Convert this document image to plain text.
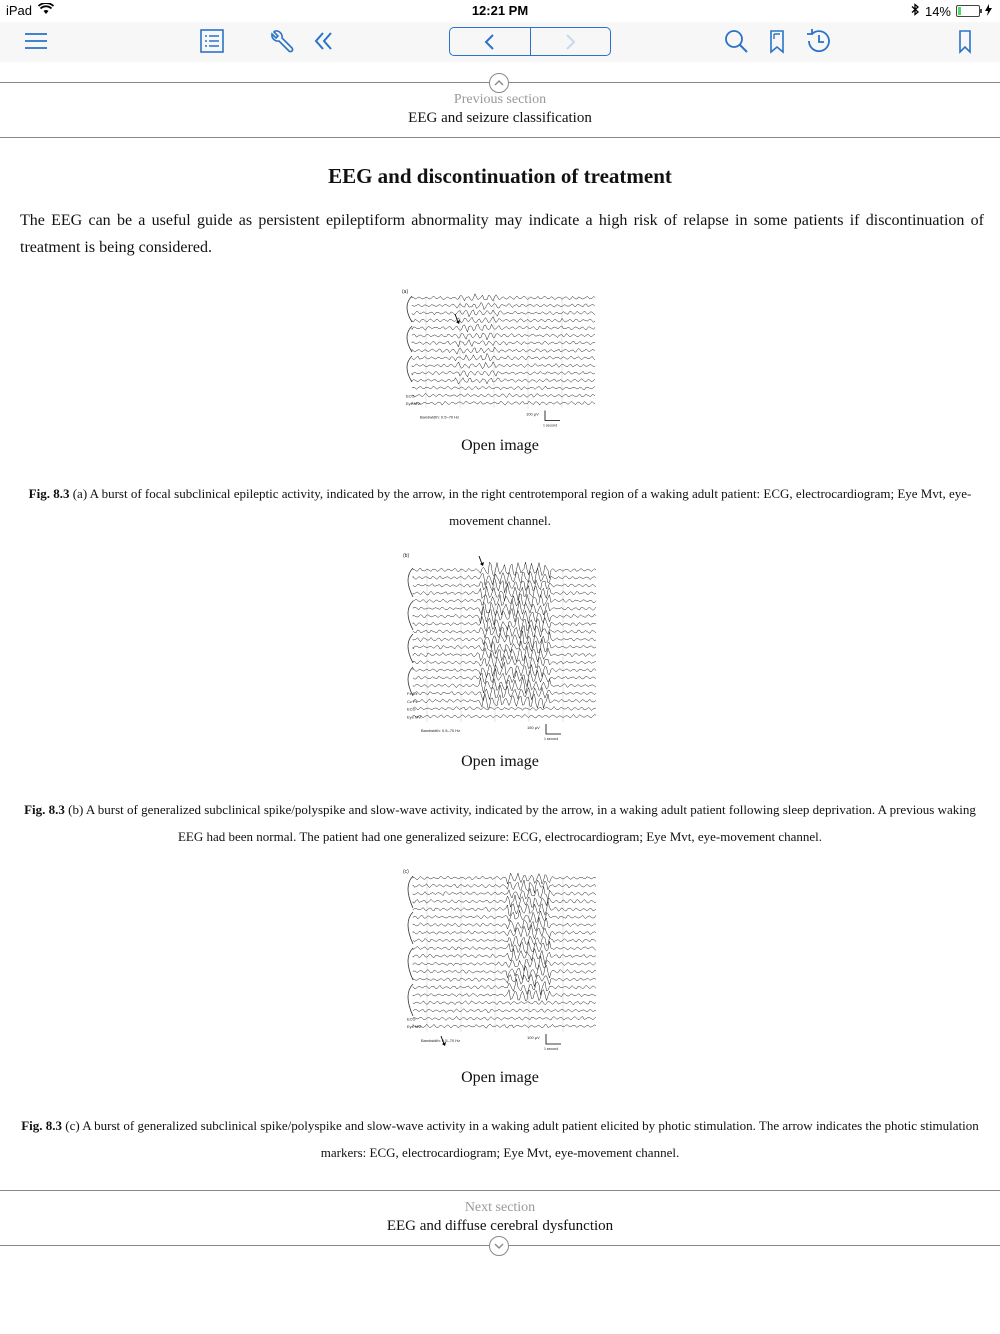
iPad	12:21 PM	14%
Previous section
EEG and seizure classification
EEG and discontinuation of treatment
The EEG can be a useful guide as persistent epileptiform abnormality may indicate a high risk of relapse in some patients if discontinuation of treatment is being considered.
(a)
ECG
Eye Mvt
Bandwidth: 0.5–70 Hz
100 µV
1 second
Open image
Fig. 8.3 (a) A burst of focal subclinical epileptic activity, indicated by the arrow, in the right centrotemporal region of a waking adult patient: ECG, electrocardiogram; Eye Mvt, eye-movement channel.
(b)
Fz Cz
Cz Pz
ECG
Eye Mvt
Bandwidth: 0.5–70 Hz
150 µV
1 second
Open image
Fig. 8.3 (b) A burst of generalized subclinical spike/polyspike and slow-wave activity, indicated by the arrow, in a waking adult patient following sleep deprivation. A previous waking EEG had been normal. The patient had one generalized seizure: ECG, electrocardiogram; Eye Mvt, eye-movement channel.
(c)
ECG
Eye Mvt
Bandwidth: 0.5–70 Hz
100 µV
1 second
Open image
Fig. 8.3 (c) A burst of generalized subclinical spike/polyspike and slow-wave activity in a waking adult patient elicited by photic stimulation. The arrow indicates the photic stimulation markers: ECG, electrocardiogram; Eye Mvt, eye-movement channel.
Next section
EEG and diffuse cerebral dysfunction
